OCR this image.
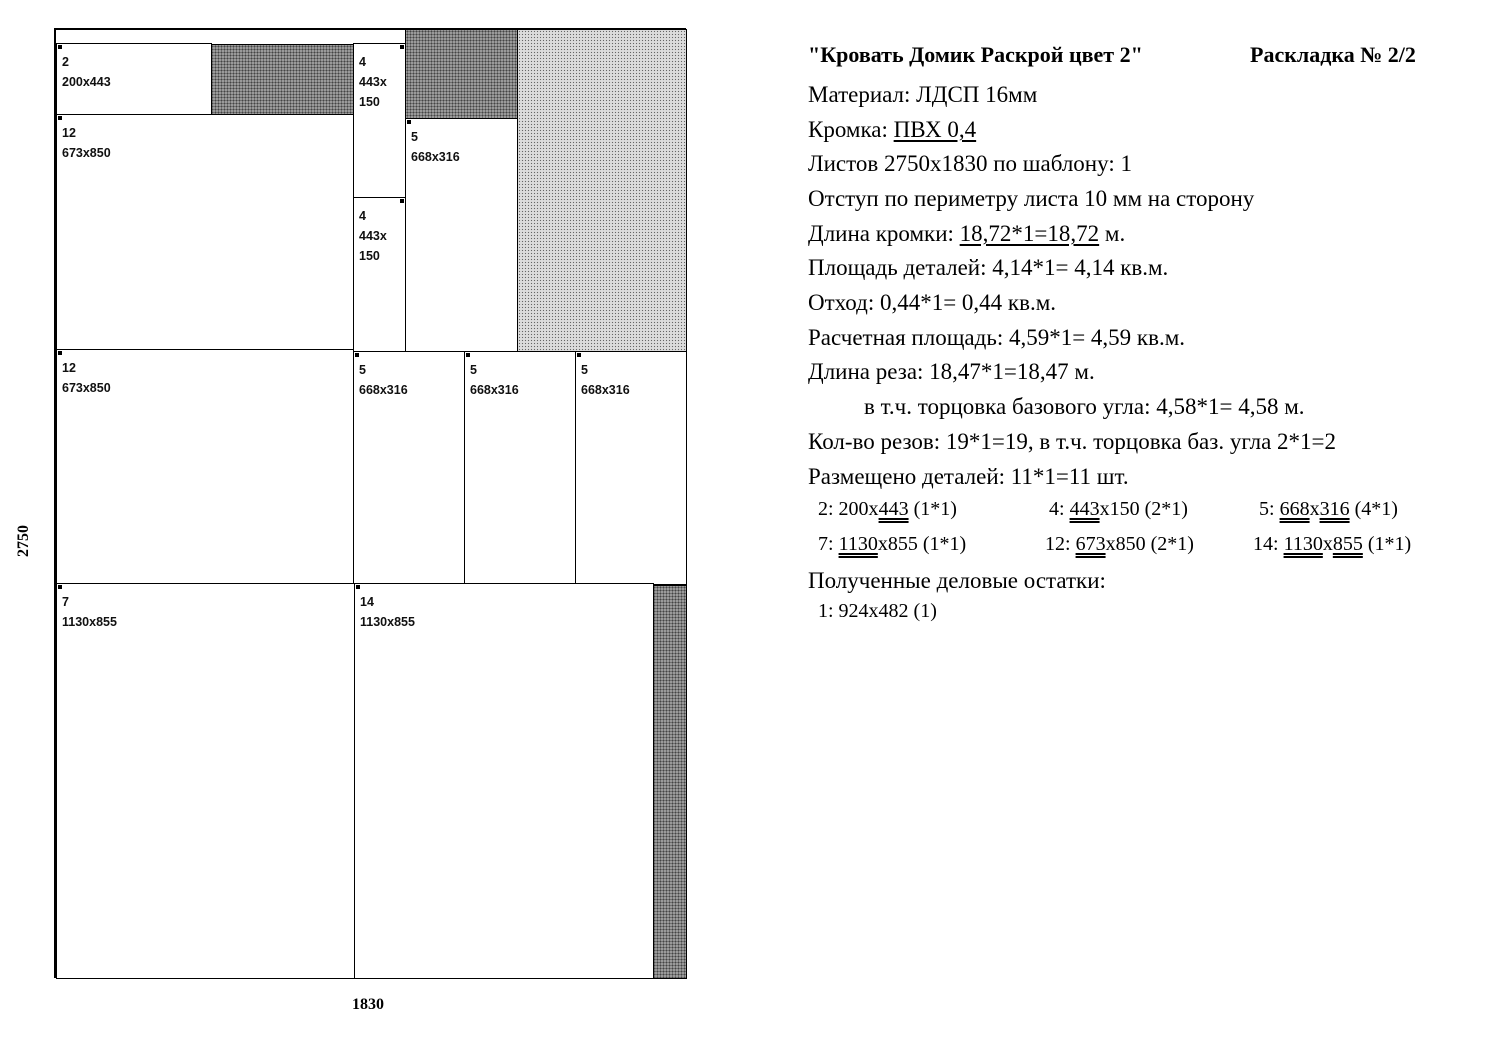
2
200x443
4
443x
150
4
443x
150
5
668x316
12
673x850
12
673x850
5
668x316
5
668x316
5
668x316
7
1130x855
14
1130x855
1830
2750
"Кровать Домик Раскрой цвет 2"	Раскладка № 2/2
Материал: ЛДСП 16мм
Кромка: ПВХ 0,4
Листов 2750x1830 по шаблону: 1
Отступ по периметру листа 10 мм на сторону
Длина кромки: 18,72*1=18,72 м.
Площадь деталей: 4,14*1= 4,14 кв.м.
Отход: 0,44*1= 0,44 кв.м.
Расчетная площадь: 4,59*1= 4,59 кв.м.
Длина реза: 18,47*1=18,47 м.
в т.ч. торцовка базового угла: 4,58*1= 4,58 м.
Кол-во резов: 19*1=19, в т.ч. торцовка баз. угла 2*1=2
Размещено деталей: 11*1=11 шт.
2: 200x443 (1*1)	4: 443x150 (2*1)	5: 668x316 (4*1)
7: 1130x855 (1*1)	12: 673x850 (2*1)	14: 1130x855 (1*1)
Полученные деловые остатки:
1: 924x482 (1)
